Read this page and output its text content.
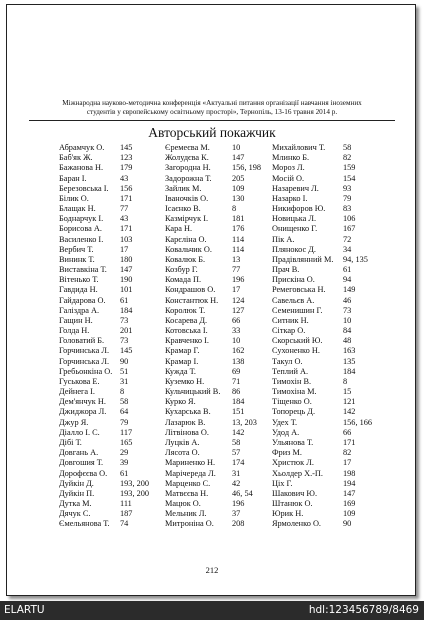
Міжнародна науково-методична конференція «Актуальні питання організації навчання іноземних
студентів у європейському освітньому просторі», Тернопіль, 13-16 травня 2014 р.
Авторський покажчик
Абрамчук О.	145
Баб'як Ж.	123
Бажанова Н.	179
Баран І.	43
Березовська І.	156
Білик О.	171
Блащак Н.	77
Боднарчук І.	43
Борисова А.	171
Василенко І.	103
Вербич Т.	17
Вининк Т.	180
Виставкіна Т.	147
Вітенько Т.	190
Гавдида Н.	101
Гайдарова О.	61
Галіздра А.	184
Гащин Н.	73
Голда Н.	201
Головатий Б.	73
Горчинська Л.	145
Горчинська Л.	90
Гребьонкіна О. 51
Гуськова Е.	31
Дейнега І.	8
Дем'янчук Н.	58
Джиджора Л.	64
Джур Я.	79
Діалло І. С.	117
Дібі Т.	165
Довгань А.	29
Довгошия Т.	39
Дорофєєва О.	61
Дуйкін Д.	193, 200
Дуйкін П.	193, 200
Дутка М.	111
Дячук С.	187
Ємельянова Т.	74
Єремеєва М.	10
Жолудєва К.	147
Загородна Н.	156, 198
Задорожна Т.	205
Зайлик М.	109
Іваночків О.	130
Ісаєнко В.	8
Казмірчук І.	181
Кара Н.	176
Карєліна О.	114
Ковальчик О.	114
Ковалюк Б.	13
Козбур Г.	77
Комада П.	196
Кондрашов О.	17
Константюк Н.	124
Королюк Т.	127
Косарева Д.	66
Котовська І.	33
Кравченко І.	10
Крамар Г.	162
Крамар І.	138
Кужда Т.	69
Куземко Н.	71
Кульчицький В.	86
Курко Я.	184
Кухарська В.	151
Лазарюк В.	13, 203
Літвінова О.	142
Луцків А.	58
Лясота О.	57
Мариненко Н.	174
Марічереда Л.	31
Марценко С.	42
Матвєєва Н.	46, 54
Мацюк О.	196
Мельник Л.	37
Митроніна О.	208
Михайлович Т.	58
Млинко Б.	82
Мороз Л.	159
Мосій О.	154
Назаревич Л.	93
Назарко І.	79
Никифоров Ю.	83
Новицька Л.	106
Онищенко Г.	167
Пік А.	72
Плянокос Д.	34
Прадівлянний М.	94, 135
Прач В.	61
Прискіна О.	94
Ремеговська Н.	149
Савельєв А.	46
Семенишин Г.	73
Ситник Н.	10
Сіткар О.	84
Скорський Ю.	48
Сухоненко Н.	163
Такул О.	135
Теплий А.	184
Тимохін В.	8
Тимохіна М.	15
Тіщенко О.	121
Топорець Д.	142
Удех Т.	156, 166
Удод А.	66
Ульянова Т.	171
Фриз М.	82
Христюк Л.	17
Хьолдер Х.-П.	198
Ціх Г.	194
Шакович Ю.	147
Штанюк О.	169
Юрик Н.	109
Ярмоленко О.	90
212
ELARTU	hdl:123456789/8469
